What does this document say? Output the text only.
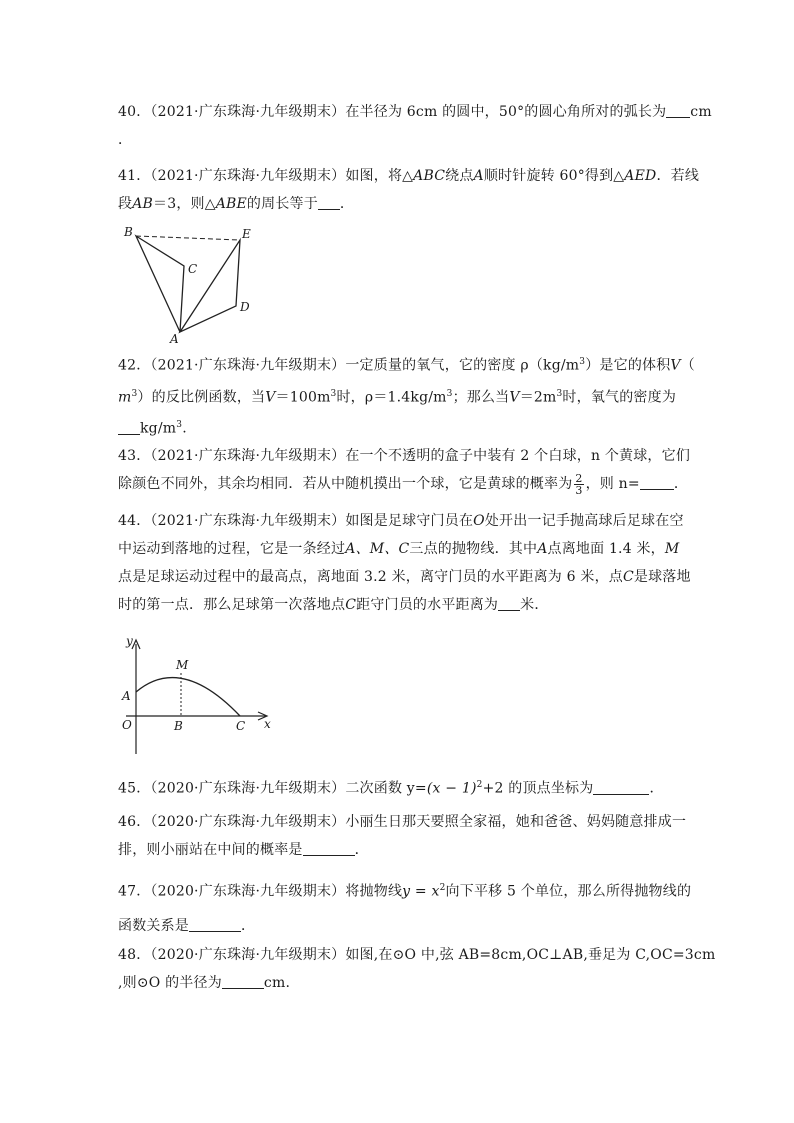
40．（2021·广东珠海·九年级期末）在半径为 6cm 的圆中，50°的圆心角所对的弧长为 cm
．
41．（2021·广东珠海·九年级期末）如图，将△ABC绕点A顺时针旋转 60°得到△AED．若线
段AB＝3，则△ABE的周长等于 ．
B	E
C
D
A
42．（2021·广东珠海·九年级期末）一定质量的氧气，它的密度 $\rho(kg/m^3)$是它的体积V（
$m^3$）的反比例函数，当$V=100m^3$时，$\rho=1.4kg/m^3$；那么当$V=2m^3$时，氧气的密度为
$kg/m^3$.
43．（2021·广东珠海·九年级期末）在一个不透明的盒子中装有 2 个白球，n 个黄球，它们
除颜色不同外，其余均相同．若从中随机摸出一个球，它是黄球的概率为 $\frac{2}{3}$ ，则 n= ．
44．（2021·广东珠海·九年级期末）如图是足球守门员在O处开出一记手抛高球后足球在空
中运动到落地的过程，它是一条经过A、M、C三点的抛物线．其中A点离地面 1.4 米，M
点是足球运动过程中的最高点，离地面 3.2 米，离守门员的水平距离为 6 米，点C是球落地
时的第一点．那么足球第一次落地点C距守门员的水平距离为 米．
y
M
A
O	B	C x
45．（2020·广东珠海·九年级期末）二次函数 $y=(x - 1)^2+2$ 的顶点坐标为	．
46．（2020·广东珠海·九年级期末）小丽生日那天要照全家福，她和爸爸、妈妈随意排成一
排，则小丽站在中间的概率是	．
47．（2020·广东珠海·九年级期末）将抛物线$y = x^2$向下平移 5 个单位，那么所得抛物线的
函数关系是	．
48．（2020·广东珠海·九年级期末）如图,在⊙O 中,弦 AB=8cm,OC⊥AB,垂足为 C,OC=3cm
,则⊙O 的半径为	cm.
